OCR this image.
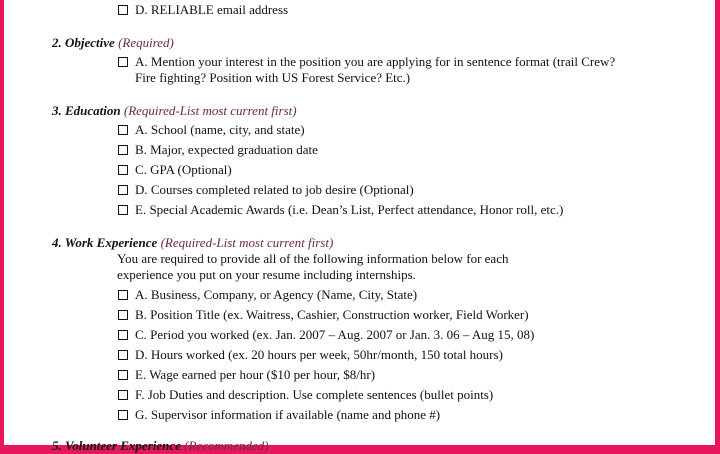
D. RELIABLE email address
2. Objective (Required)
A. Mention your interest in the position you are applying for in sentence format (trail Crew?
Fire fighting? Position with US Forest Service? Etc.)
3. Education (Required-List most current first)
A. School (name, city, and state)
B. Major, expected graduation date
C. GPA (Optional)
D. Courses completed related to job desire (Optional)
E. Special Academic Awards (i.e. Dean’s List, Perfect attendance, Honor roll, etc.)
4. Work Experience (Required-List most current first)
You are required to provide all of the following information below for each
experience you put on your resume including internships.
A. Business, Company, or Agency (Name, City, State)
B. Position Title (ex. Waitress, Cashier, Construction worker, Field Worker)
C. Period you worked (ex. Jan. 2007 – Aug. 2007 or Jan. 3. 06 – Aug 15, 08)
D. Hours worked (ex. 20 hours per week, 50hr/month, 150 total hours)
E. Wage earned per hour ($10 per hour, $8/hr)
F. Job Duties and description. Use complete sentences (bullet points)
G. Supervisor information if available (name and phone #)
5. Volunteer Experience (Recommended)
